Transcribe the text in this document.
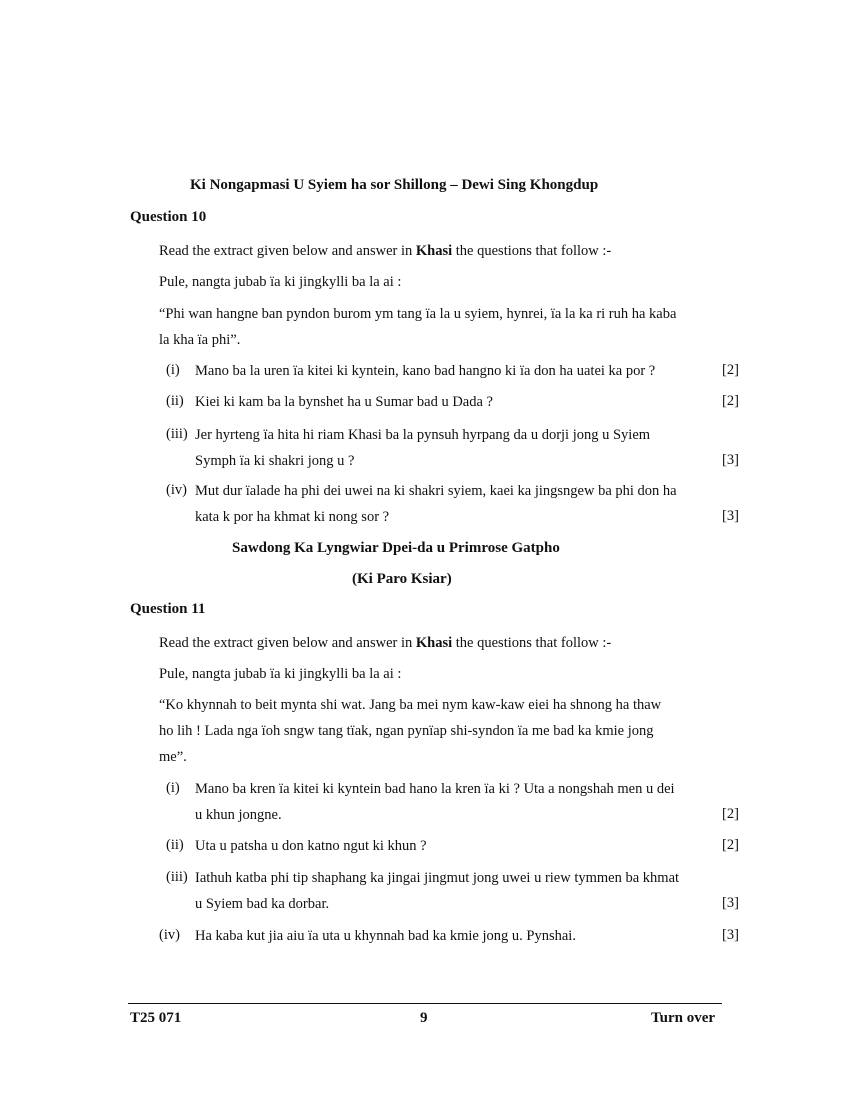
Ki Nongapmasi U Syiem ha sor Shillong – Dewi Sing Khongdup
Question 10
Read the extract given below and answer in Khasi the questions that follow :-
Pule, nangta jubab ïa ki jingkylli ba la ai :
“Phi wan hangne ban pyndon burom ym tang ïa la u syiem, hynrei, ïa la ka ri ruh ha kaba
la kha ïa phi”.
(i) Mano ba la uren ïa kitei ki kyntein, kano bad hangno ki ïa don ha uatei ka por ?	[2]
(ii) Kiei ki kam ba la bynshet ha u Sumar bad u Dada ?	[2]
(iii) Jer hyrteng ïa hita hi riam Khasi ba la pynsuh hyrpang da u dorji jong u Syiem
Symph ïa ki shakri jong u ?	[3]
(iv) Mut dur ïalade ha phi dei uwei na ki shakri syiem, kaei ka jingsngew ba phi don ha
kata k por ha khmat ki nong sor ?	[3]
Sawdong Ka Lyngwiar Dpei-da u Primrose Gatpho
(Ki Paro Ksiar)
Question 11
Read the extract given below and answer in Khasi the questions that follow :-
Pule, nangta jubab ïa ki jingkylli ba la ai :
“Ko khynnah to beit mynta shi wat. Jang ba mei nym kaw-kaw eiei ha shnong ha thaw
ho lih ! Lada nga ïoh sngw tang tïak, ngan pynïap shi-syndon ïa me bad ka kmie jong
me”.
(i) Mano ba kren ïa kitei ki kyntein bad hano la kren ïa ki ? Uta a nongshah men u dei
u khun jongne.	[2]
(ii) Uta u patsha u don katno ngut ki khun ?	[2]
(iii) Iathuh katba phi tip shaphang ka jingai jingmut jong uwei u riew tymmen ba khmat
u Syiem bad ka dorbar.	[3]
(iv) Ha kaba kut jia aiu ïa uta u khynnah bad ka kmie jong u. Pynshai.	[3]
T25 071	9	Turn over
